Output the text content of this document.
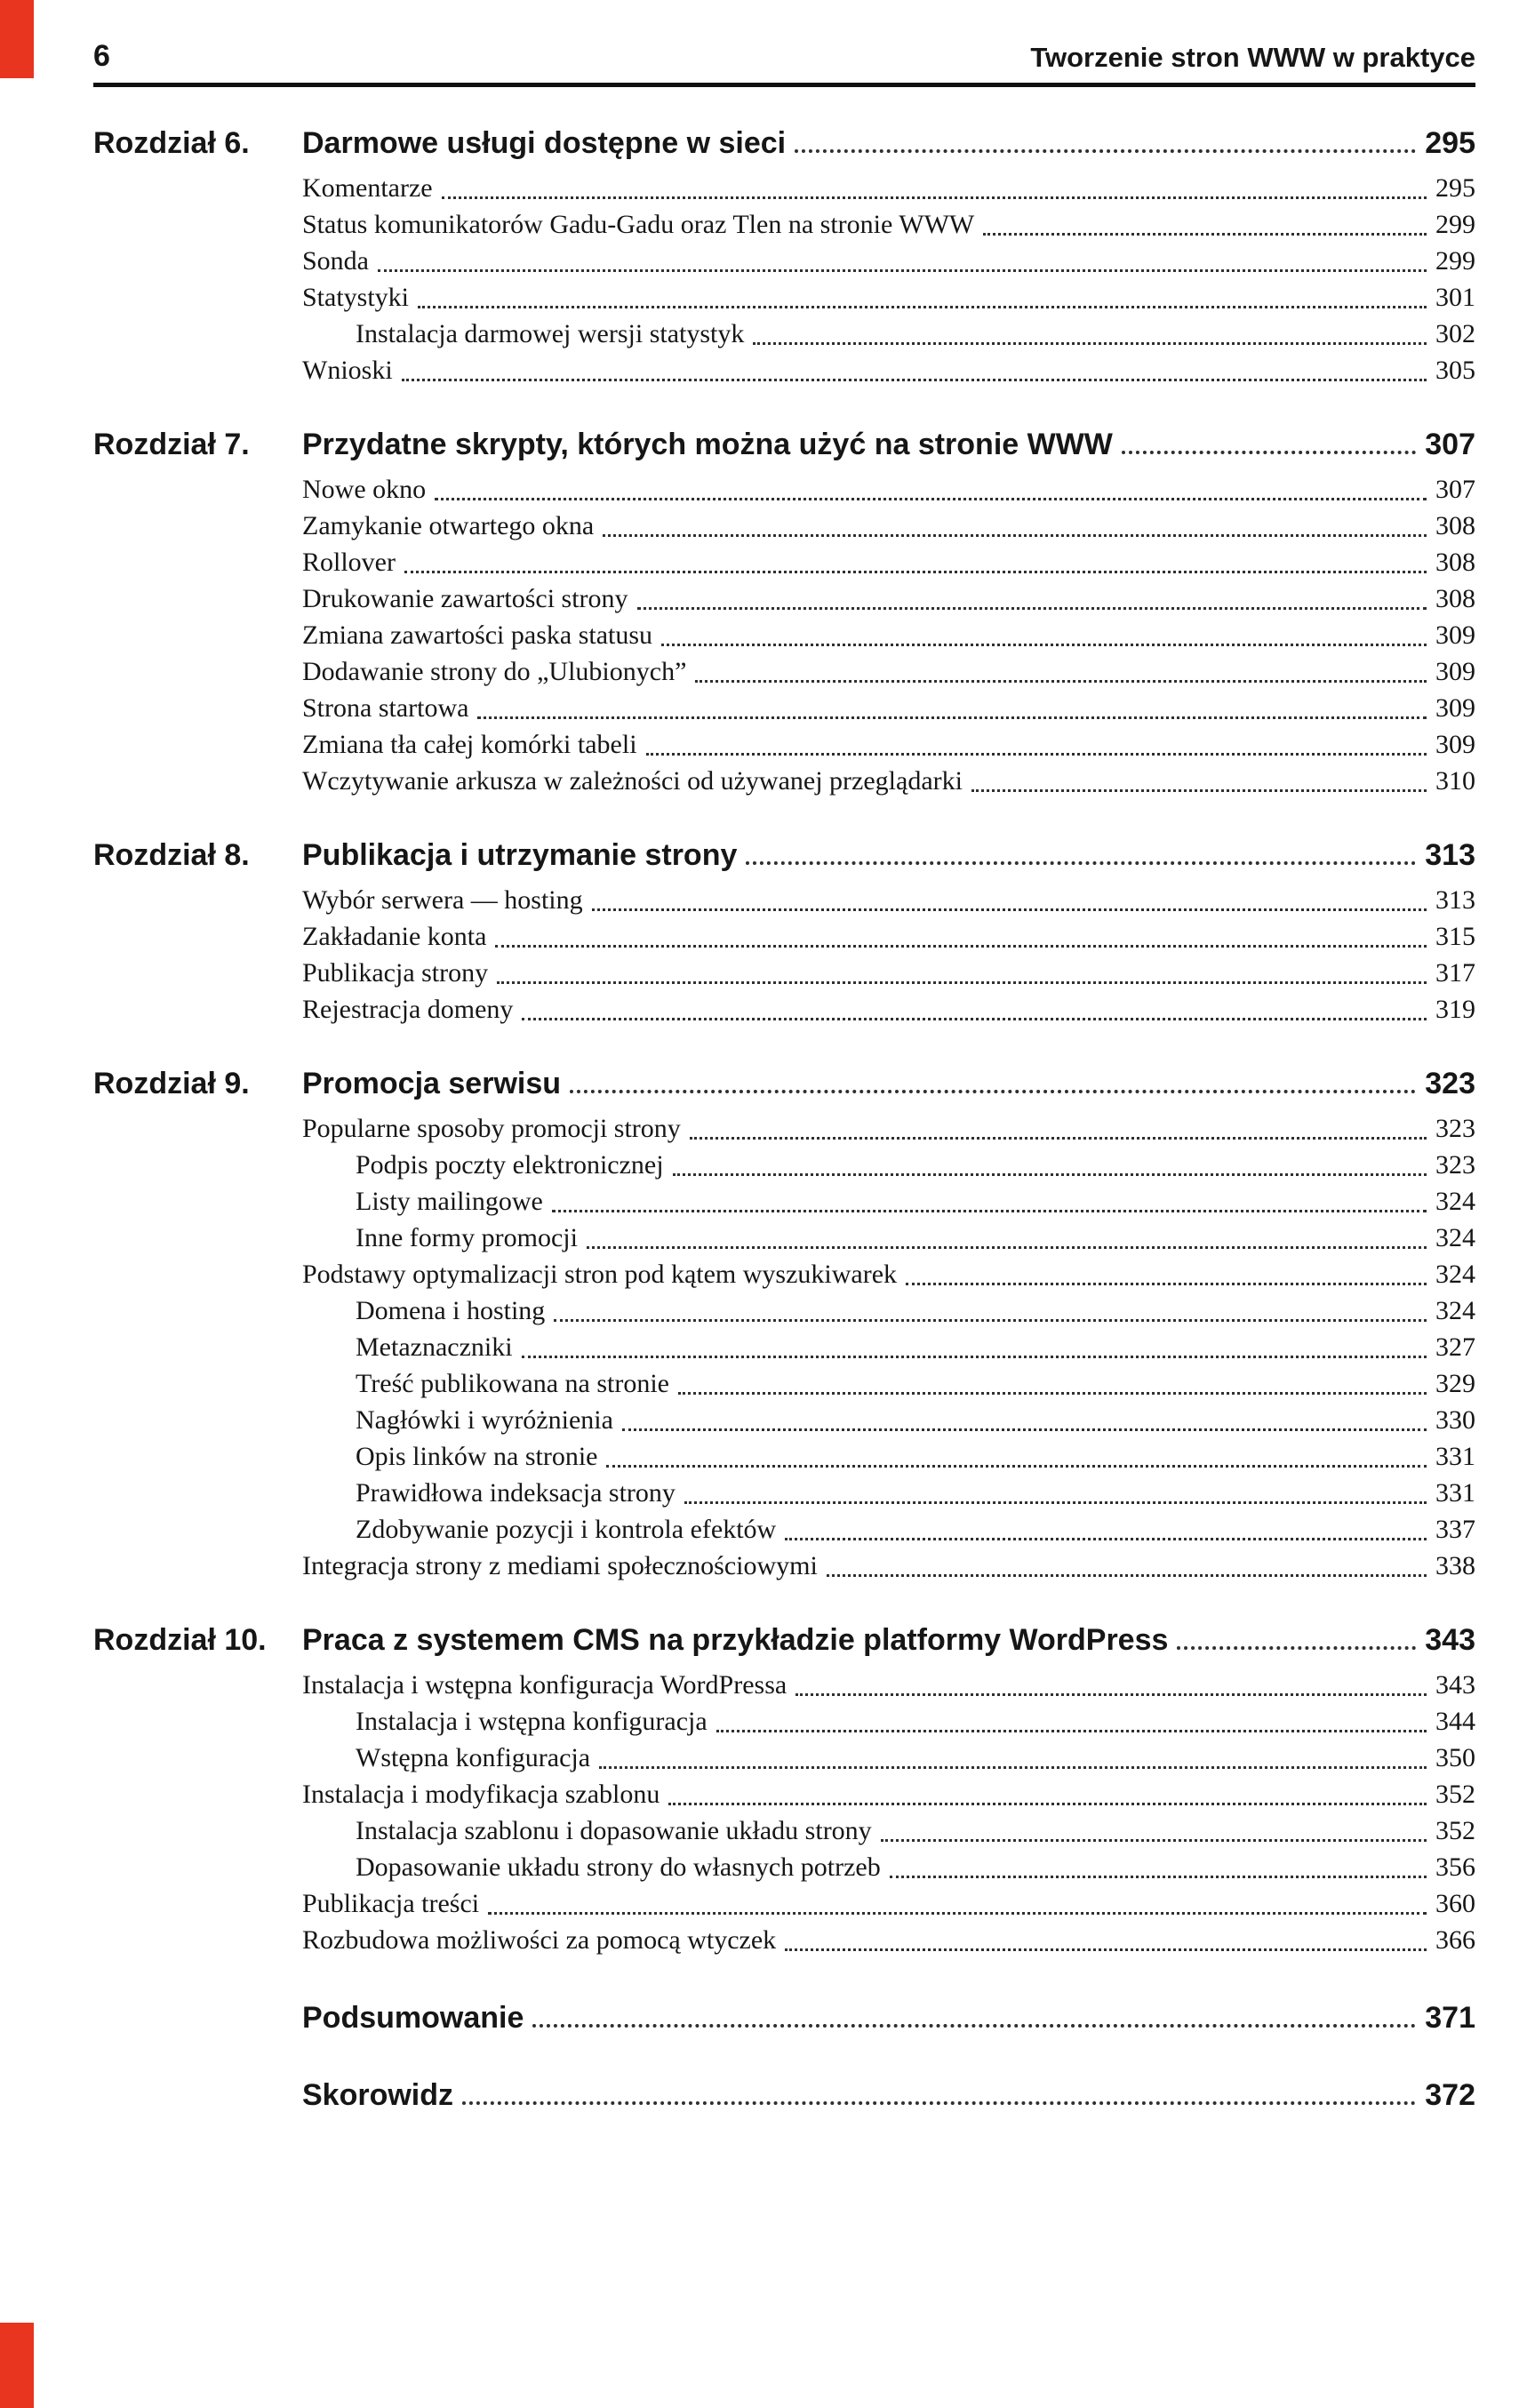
6	Tworzenie stron WWW w praktyce
Rozdział 6.	Darmowe usługi dostępne w sieci	295
Komentarze	295
Status komunikatorów Gadu-Gadu oraz Tlen na stronie WWW	299
Sonda	299
Statystyki	301
Instalacja darmowej wersji statystyk	302
Wnioski	305
Rozdział 7.	Przydatne skrypty, których można użyć na stronie WWW	307
Nowe okno	307
Zamykanie otwartego okna	308
Rollover	308
Drukowanie zawartości strony	308
Zmiana zawartości paska statusu	309
Dodawanie strony do „Ulubionych”	309
Strona startowa	309
Zmiana tła całej komórki tabeli	309
Wczytywanie arkusza w zależności od używanej przeglądarki	310
Rozdział 8.	Publikacja i utrzymanie strony	313
Wybór serwera — hosting	313
Zakładanie konta	315
Publikacja strony	317
Rejestracja domeny	319
Rozdział 9.	Promocja serwisu	323
Popularne sposoby promocji strony	323
Podpis poczty elektronicznej	323
Listy mailingowe	324
Inne formy promocji	324
Podstawy optymalizacji stron pod kątem wyszukiwarek	324
Domena i hosting	324
Metaznaczniki	327
Treść publikowana na stronie	329
Nagłówki i wyróżnienia	330
Opis linków na stronie	331
Prawidłowa indeksacja strony	331
Zdobywanie pozycji i kontrola efektów	337
Integracja strony z mediami społecznościowymi	338
Rozdział 10.	Praca z systemem CMS na przykładzie platformy WordPress	343
Instalacja i wstępna konfiguracja WordPressa	343
Instalacja i wstępna konfiguracja	344
Wstępna konfiguracja	350
Instalacja i modyfikacja szablonu	352
Instalacja szablonu i dopasowanie układu strony	352
Dopasowanie układu strony do własnych potrzeb	356
Publikacja treści	360
Rozbudowa możliwości za pomocą wtyczek	366
Podsumowanie	371
Skorowidz	372
